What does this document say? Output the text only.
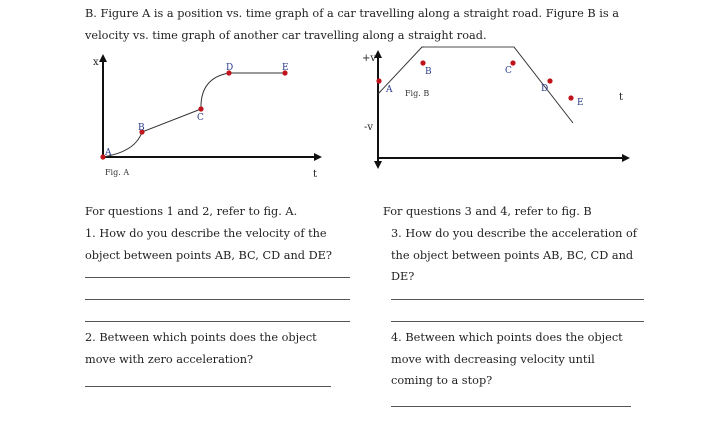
B. Figure A is a position vs. time graph of a car travelling along a straight road. Figure B is a
velocity vs. time graph of another car travelling along a straight road.
A
B
C
D	E
x
t
Fig. A
A
B	C
D
E
+v
-v
t
Fig. B
For questions 1 and 2, refer to fig. A.
1. How do you describe the velocity of the
object between points AB, BC, CD and DE?
2. Between which points does the object
move with zero acceleration?
For questions 3 and 4, refer to fig. B
3. How do you describe the acceleration of
the object between points AB, BC, CD and
DE?
4. Between which points does the object
move with decreasing velocity until
coming to a stop?
